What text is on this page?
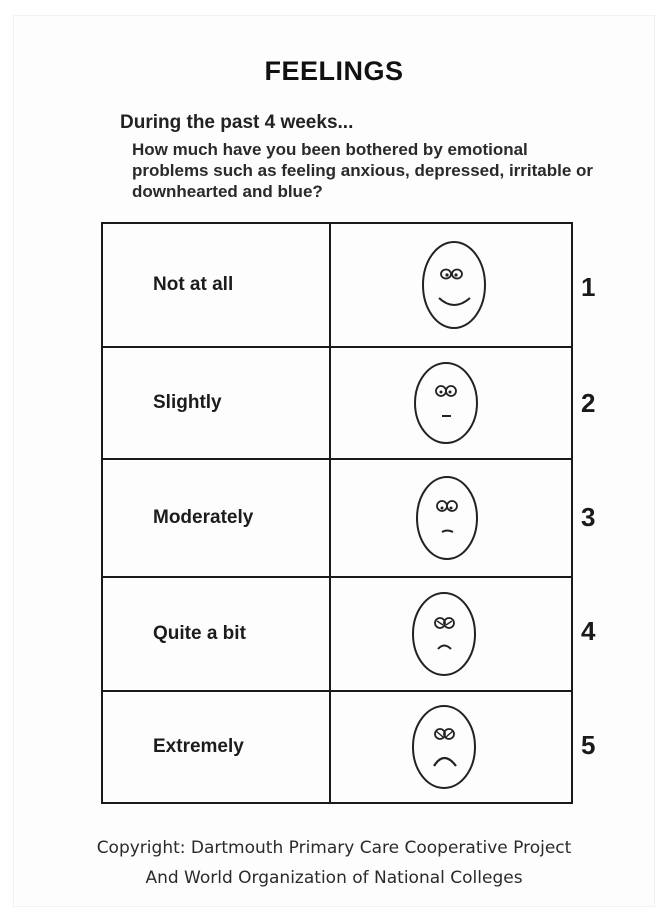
FEELINGS
During the past 4 weeks...
How much have you been bothered by emotional problems such as feeling anxious, depressed, irritable or downhearted and blue?
Not at all
Slightly
Moderately
Quite a bit
Extremely
1
2
3
4
5
Copyright: Dartmouth Primary Care Cooperative Project
And World Organization of National Colleges
